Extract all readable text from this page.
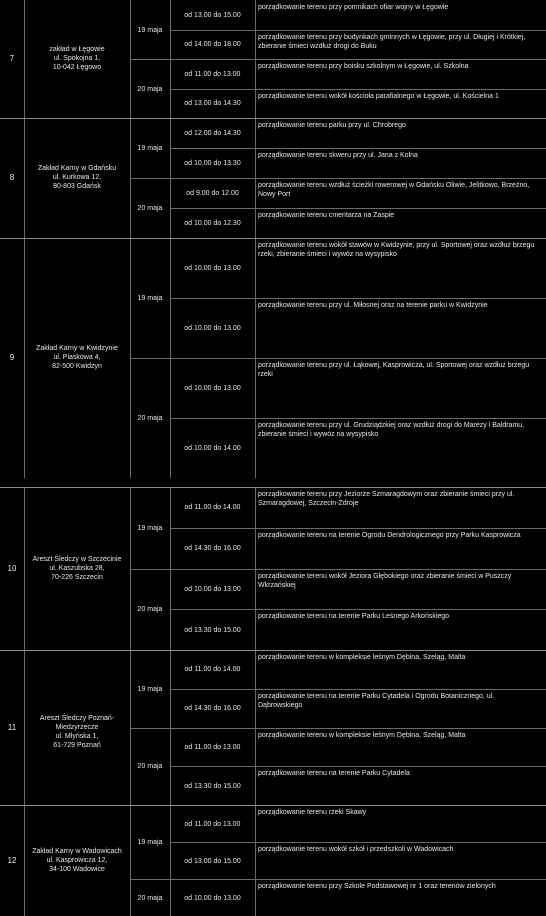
7
zakład w Łęgowie
ul. Spokojna 1,
10-042 Łęgowo
19 maja
od 13.00 do 15.00
porządkowanie terenu przy pomnikach ofiar wojny w Łęgowie
od 14.00 do 18.00
porządkowanie terenu przy budynkach gminnych w Łęgowie, przy ul. Długiej i Krótkiej, zbieranie śmieci wzdłuż drogi do Buku
20 maja
od 11.00 do 13.00
porządkowanie terenu przy boisku szkolnym w Łęgowie, ul. Szkolna
od 13.00 do 14.30
porządkowanie terenu wokół kościoła parafialnego w Łęgowie, ul. Kościelna 1
8
Zakład Karny w Gdańsku
ul. Kurkowa 12,
80-803 Gdańsk
19 maja
od 12.00 do 14.30
porządkowanie terenu parku przy ul. Chrobrego
od 10.00 do 13.30
porządkowanie terenu skweru przy ul. Jana z Kolna
20 maja
od 9.00 do 12.00
porządkowanie terenu wzdłuż ścieżki rowerowej w Gdańsku Oliwie, Jelitkowo, Brzeźno, Nowy Port
od 10.00 do 12.30
porządkowanie terenu cmentarza na Zaspie
9
Zakład Karny w Kwidzynie
ul. Piaskowa 4,
82-500 Kwidzyn
19 maja
od 10.00 do 13.00
porządkowanie terenu wokół stawów w Kwidzynie, przy ul. Sportowej oraz wzdłuż brzegu rzeki, zbieranie śmieci i wywóz na wysypisko
od 10.00 do 13.00
porządkowanie terenu przy ul. Miłosnej oraz na terenie parku w Kwidzynie
20 maja
od 10.00 do 13.00
porządkowanie terenu przy ul. Łąkowej, Kasprowicza, ul. Sportowej oraz wzdłuż brzegu rzeki
od 10.00 do 14.00
porządkowanie terenu przy ul. Grudziądzkiej oraz wzdłuż drogi do Marezy i Baldramu, zbieranie śmieci i wywóz na wysypisko
10
Areszt Śledczy w Szczecinie
ul. Kaszubska 28,
70-226 Szczecin
19 maja
od 11.00 do 14.00
porządkowanie terenu przy Jeziorze Szmaragdowym oraz zbieranie śmieci przy ul. Szmaragdowej, Szczecin-Zdroje
od 14.30 do 16.00
porządkowanie terenu na terenie Ogrodu Dendrologicznego przy Parku Kasprowicza
20 maja
od 10.00 do 13.00
porządkowanie terenu wokół Jeziora Głębokiego oraz zbieranie śmieci w Puszczy Wkrzańskiej
od 13.30 do 15.00
porządkowanie terenu na terenie Parku Leśnego Arkońskiego
11
Areszt Śledczy Poznań-Miedzyrzecze
ul. Młyńska 1,
61-729 Poznań
19 maja
od 11.00 do 14.00
porządkowanie terenu w kompleksie leśnym Dębina, Szeląg, Malta
od 14.30 do 16.00
porządkowanie terenu na terenie Parku Cytadela i Ogrodu Botanicznego, ul. Dąbrowskiego
20 maja
od 11.00 do 13.00
porządkowanie terenu w kompleksie leśnym Dębina, Szeląg, Malta
od 13.30 do 15.00
porządkowanie terenu na terenie Parku Cytadela
12
Zakład Karny w Wadowicach
ul. Kasprowicza 12,
34-100 Wadowice
19 maja
od 11.00 do 13.00
porządkowanie terenu rzeki Skawy
od 13.00 do 15.00
porządkowanie terenu wokół szkół i przedszkoli w Wadowicach
20 maja	od 10.00 do 13.00
porządkowanie terenu przy Szkole Podstawowej nr 1 oraz terenów zielonych
